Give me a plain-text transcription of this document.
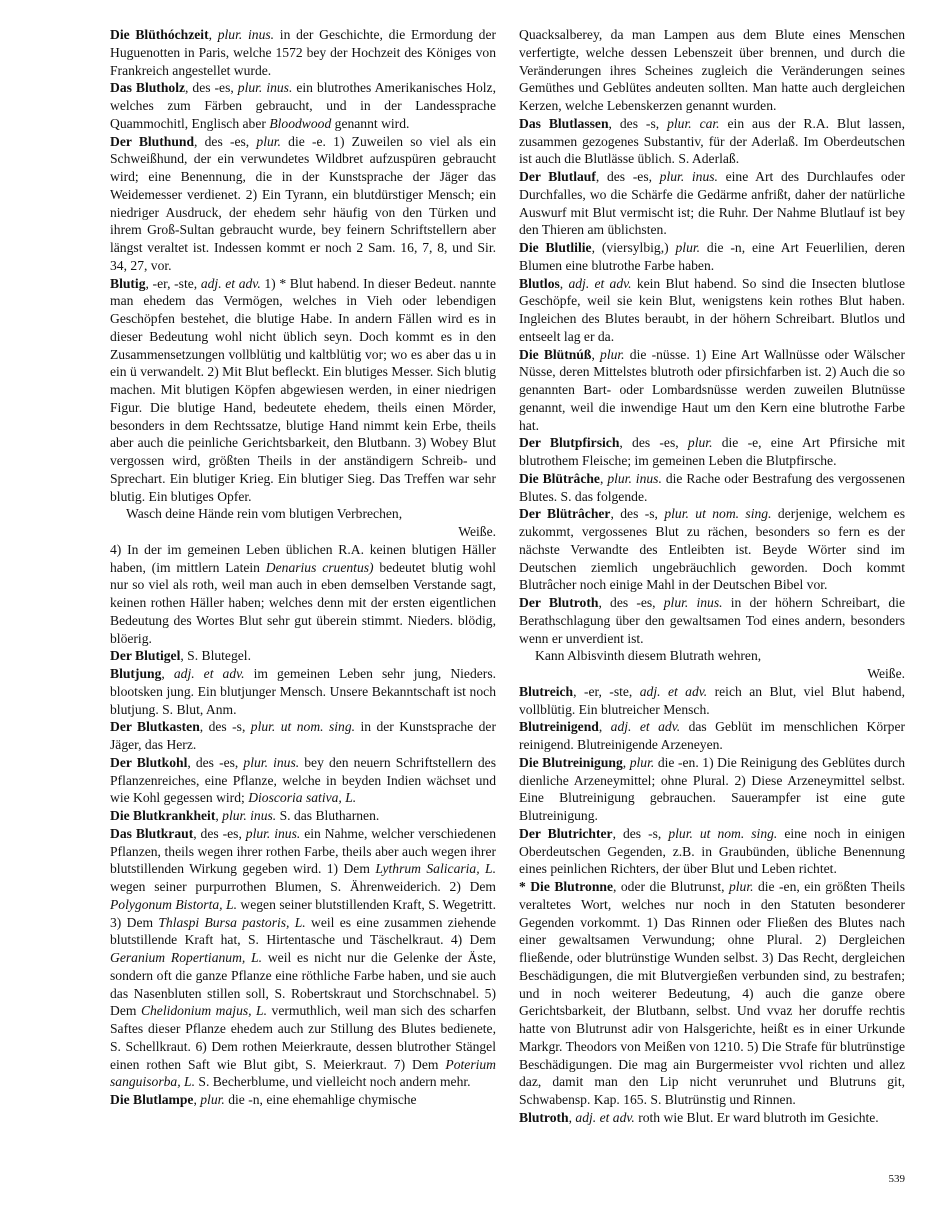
Die Blüthóchzeit, plur. inus. in der Geschichte, die Ermordung der Huguenotten in Paris, welche 1572 bey der Hochzeit des Königes von Frankreich angestellet wurde.

Das Blutholz, des -es, plur. inus. ein blutrothes Amerikanisches Holz, welches zum Färben gebraucht, und in der Landessprache Quammochitl, Englisch aber Bloodwood genannt wird.

Der Bluthund, des -es, plur. die -e. 1) Zuweilen so viel als ein Schweißhund, der ein verwundetes Wildbret aufzuspüren gebraucht wird; eine Benennung, die in der Kunstsprache der Jäger das Weidemesser verdienet. 2) Ein Tyrann, ein blutdürstiger Mensch; ein niedriger Ausdruck, der ehedem sehr häufig von den Türken und ihrem Groß-Sultan gebraucht wurde, bey feinern Schriftstellern aber längst veraltet ist. Indessen kommt er noch 2 Sam. 16, 7, 8, und Sir. 34, 27, vor.

Blutig, -er, -ste, adj. et adv. 1) * Blut habend. In dieser Bedeut. nannte man ehedem das Vermögen, welches in Vieh oder lebendigen Geschöpfen bestehet, die blutige Habe. In andern Fällen wird es in dieser Bedeutung wohl nicht üblich seyn. Doch kommt es in den Zusammensetzungen vollblütig und kaltblütig vor; wo es aber das u in ein ü verwandelt. 2) Mit Blut befleckt. Ein blutiges Messer. Sich blutig machen. Mit blutigen Köpfen abgewiesen werden, in einer niedrigen Figur. Die blutige Hand, bedeutete ehedem, theils einen Mörder, besonders in dem Rechtssatze, blutige Hand nimmt kein Erbe, theils aber auch die peinliche Gerichtsbarkeit, den Blutbann. 3) Wobey Blut vergossen wird, größten Theils in der anständigern Schreib- und Sprechart. Ein blutiger Krieg. Ein blutiger Sieg. Das Treffen war sehr blutig. Ein blutiges Opfer.

Wasch deine Hände rein vom blutigen Verbrechen,

Weiße.

4) In der im gemeinen Leben üblichen R.A. keinen blutigen Häller haben, (im mittlern Latein Denarius cruentus) bedeutet blutig wohl nur so viel als roth, weil man auch in eben demselben Verstande sagt, keinen rothen Häller haben; welches denn mit der ersten eigentlichen Bedeutung des Wortes Blut sehr gut überein stimmt. Nieders. blödig, blöerig.

Der Blutigel, S. Blutegel.

Blutjung, adj. et adv. im gemeinen Leben sehr jung, Nieders. blootsken jung. Ein blutjunger Mensch. Unsere Bekanntschaft ist noch blutjung. S. Blut, Anm.

Der Blutkasten, des -s, plur. ut nom. sing. in der Kunstsprache der Jäger, das Herz.

Der Blutkohl, des -es, plur. inus. bey den neuern Schriftstellern des Pflanzenreiches, eine Pflanze, welche in beyden Indien wächset und wie Kohl gegessen wird; Dioscoria sativa, L.

Die Blutkrankheit, plur. inus. S. das Blutharnen.

Das Blutkraut, des -es, plur. inus. ein Nahme, welcher verschiedenen Pflanzen, theils wegen ihrer rothen Farbe, theils aber auch wegen ihrer blutstillenden Wirkung gegeben wird. 1) Dem Lythrum Salicaria, L. wegen seiner purpurrothen Blumen, S. Ährenweiderich. 2) Dem Polygonum Bistorta, L. wegen seiner blutstillenden Kraft, S. Wegetritt. 3) Dem Thlaspi Bursa pastoris, L. weil es eine zusammen ziehende blutstillende Kraft hat, S. Hirtentasche und Täschelkraut. 4) Dem Geranium Ropertianum, L. weil es nicht nur die Gelenke der Äste, sondern oft die ganze Pflanze eine röthliche Farbe haben, und sie auch das Nasenbluten stillen soll, S. Robertskraut und Storchschnabel. 5) Dem Chelidonium majus, L. vermuthlich, weil man sich des scharfen Saftes dieser Pflanze ehedem auch zur Stillung des Blutes bedienete, S. Schellkraut. 6) Dem rothen Meierkraute, dessen blutrother Stängel einen rothen Saft wie Blut gibt, S. Meierkraut. 7) Dem Poterium sanguisorba, L. S. Becherblume, und vielleicht noch andern mehr.

Die Blutlampe, plur. die -n, eine ehemahlige chymische

Quacksalberey, da man Lampen aus dem Blute eines Menschen verfertigte, welche dessen Lebenszeit über brennen, und durch die Veränderungen ihres Scheines zugleich die Veränderungen seines Gemüthes und Geblütes andeuten sollten. Man hatte auch dergleichen Kerzen, welche Lebenskerzen genannt wurden.

Das Blutlassen, des -s, plur. car. ein aus der R.A. Blut lassen, zusammen gezogenes Substantiv, für der Aderlaß. Im Oberdeutschen ist auch die Blutlässe üblich. S. Aderlaß.

Der Blutlauf, des -es, plur. inus. eine Art des Durchlaufes oder Durchfalles, wo die Schärfe die Gedärme anfrißt, daher der natürliche Auswurf mit Blut vermischt ist; die Ruhr. Der Nahme Blutlauf ist bey den Thieren am üblichsten.

Die Blutlilie, (viersylbig,) plur. die -n, eine Art Feuerlilien, deren Blumen eine blutrothe Farbe haben.

Blutlos, adj. et adv. kein Blut habend. So sind die Insecten blutlose Geschöpfe, weil sie kein Blut, wenigstens kein rothes Blut haben. Ingleichen des Blutes beraubt, in der höhern Schreibart. Blutlos und entseelt lag er da.

Die Blütnúß, plur. die -nüsse. 1) Eine Art Wallnüsse oder Wälscher Nüsse, deren Mittelstes blutroth oder pfirsichfarben ist. 2) Auch die so genannten Bart- oder Lombardsnüsse werden zuweilen Blutnüsse genannt, weil die inwendige Haut um den Kern eine blutrothe Farbe hat.

Der Blutpfirsich, des -es, plur. die -e, eine Art Pfirsiche mit blutrothem Fleische; im gemeinen Leben die Blutpfirsche.

Die Blütrâche, plur. inus. die Rache oder Bestrafung des vergossenen Blutes. S. das folgende.

Der Blütrâcher, des -s, plur. ut nom. sing. derjenige, welchem es zukommt, vergossenes Blut zu rächen, besonders so fern es der nächste Verwandte des Entleibten ist. Beyde Wörter sind im Deutschen ziemlich ungebräuchlich geworden. Doch kommt Blutrâcher noch einige Mahl in der Deutschen Bibel vor.

Der Blutroth, des -es, plur. inus. in der höhern Schreibart, die Berathschlagung über den gewaltsamen Tod eines andern, besonders wenn er unverdient ist.

Kann Albisvinth diesem Blutrath wehren,

Weiße.

Blutreich, -er, -ste, adj. et adv. reich an Blut, viel Blut habend, vollblütig. Ein blutreicher Mensch.

Blutreinigend, adj. et adv. das Geblüt im menschlichen Körper reinigend. Blutreinigende Arzeneyen.

Die Blutreinigung, plur. die -en. 1) Die Reinigung des Geblütes durch dienliche Arzeneymittel; ohne Plural. 2) Diese Arzeneymittel selbst. Eine Blutreinigung gebrauchen. Sauerampfer ist eine gute Blutreinigung.

Der Blutrichter, des -s, plur. ut nom. sing. eine noch in einigen Oberdeutschen Gegenden, z.B. in Graubünden, übliche Benennung eines peinlichen Richters, der über Blut und Leben richtet.

* Die Blutronne, oder die Blutrunst, plur. die -en, ein größten Theils veraltetes Wort, welches nur noch in den Statuten besonderer Gegenden vorkommt. 1) Das Rinnen oder Fließen des Blutes nach einer gewaltsamen Verwundung; ohne Plural. 2) Dergleichen fließende, oder blutrünstige Wunden selbst. 3) Das Recht, dergleichen Beschädigungen, die mit Blutvergießen verbunden sind, zu bestrafen; und in noch weiterer Bedeutung, 4) auch die ganze obere Gerichtsbarkeit, der Blutbann, selbst. Und vvaz her doruffe rechtis hatte von Blutrunst adir von Halsgerichte, heißt es in einer Urkunde Markgr. Theodors von Meißen von 1210. 5) Die Strafe für blutrünstige Beschädigungen. Die mag ain Burgermeister vvol richten und allez daz, damit man den Lip nicht verunruhet und Blutruns git, Schwabensp. Kap. 165. S. Blutrünstig und Rinnen.

Blutroth, adj. et adv. roth wie Blut. Er ward blutroth im Gesichte.

539
